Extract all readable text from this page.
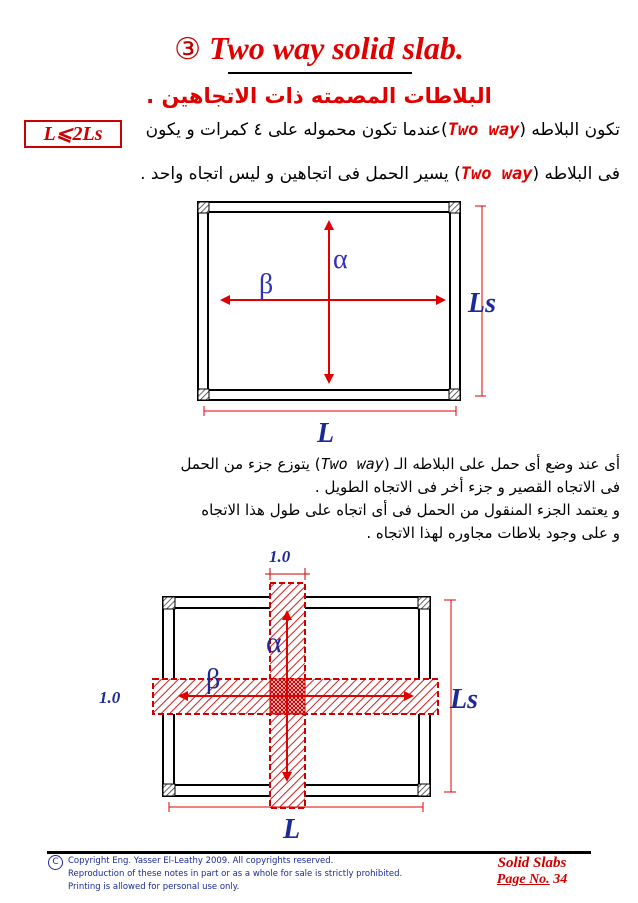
③ Two way solid slab.
البلاطات المصمته ذات الاتجاهين .
تكون البلاطه (Two way)عندما تكون محموله على ٤ كمرات و يكون
L⩽2Ls
فى البلاطه (Two way) يسير الحمل فى اتجاهين و ليس اتجاه واحد .
α
β
Ls
L
أى عند وضع أى حمل على البلاطه الـ (Two way) يتوزع جزء من الحمل
فى الاتجاه القصير و جزء أخر فى الاتجاه الطويل .
و يعتمد الجزء المنقول من الحمل فى أى اتجاه على طول هذا الاتجاه
و على وجود بلاطات مجاوره لهذا الاتجاه .
1.0
1.0
α
β
Ls
L
C	Copyright Eng. Yasser El-Leathy 2009. All copyrights reserved.
Reproduction of these notes in part or as a whole for sale is strictly prohibited.
Printing is allowed for personal use only.
Solid Slabs
Page No. 34
